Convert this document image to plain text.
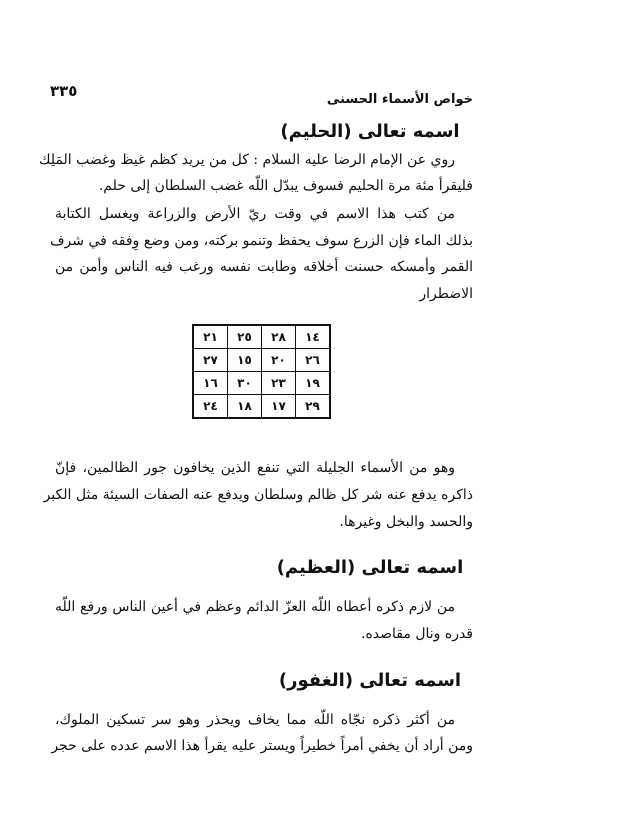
٣٣٥	خواص الأسماء الحسنى
اسمه تعالى (الحليم)
روي عن الإمام الرضا عليه السلام : كل من يريد كظم غيظ وغضب المَلِك
فليقرأ مئة مرة الحليم فسوف يبدّل اللّه غضب السلطان إلى حلم.
من كتب هذا الاسم في وقت ريّ الأرض والزراعة ويغسل الكتابة
بذلك الماء فإن الزرع سوف يحفظ وتنمو بركته، ومن وضع وِفقه في شرف
القمر وأمسكه حسنت أخلاقه وطابت نفسه ورغب فيه الناس وأمن من
الاضطرار
١٤	٢٨	٢٥	٢١
٢٦	٢٠	١٥	٢٧
١٩	٢٣	٣٠	١٦
٢٩	١٧	١٨	٢٤
وهو من الأسماء الجليلة التي تنفع الذين يخافون جور الظالمين، فإنّ
ذاكره يدفع عنه شر كل ظالم وسلطان ويدفع عنه الصفات السيئة مثل الكبر
والحسد والبخل وغيرها.
اسمه تعالى (العظيم)
من لازم ذكره أعطاه اللّه العزّ الدائم وعظم في أعين الناس ورفع اللّه
قدره ونال مقاصده.
اسمه تعالى (الغفور)
من أكثر ذكره نجّاه اللّه مما يخاف ويحذر وهو سر تسكين الملوك،
ومن أراد أن يخفي أمراً خطيراً ويستر عليه يقرأ هذا الاسم عدده على حجر
